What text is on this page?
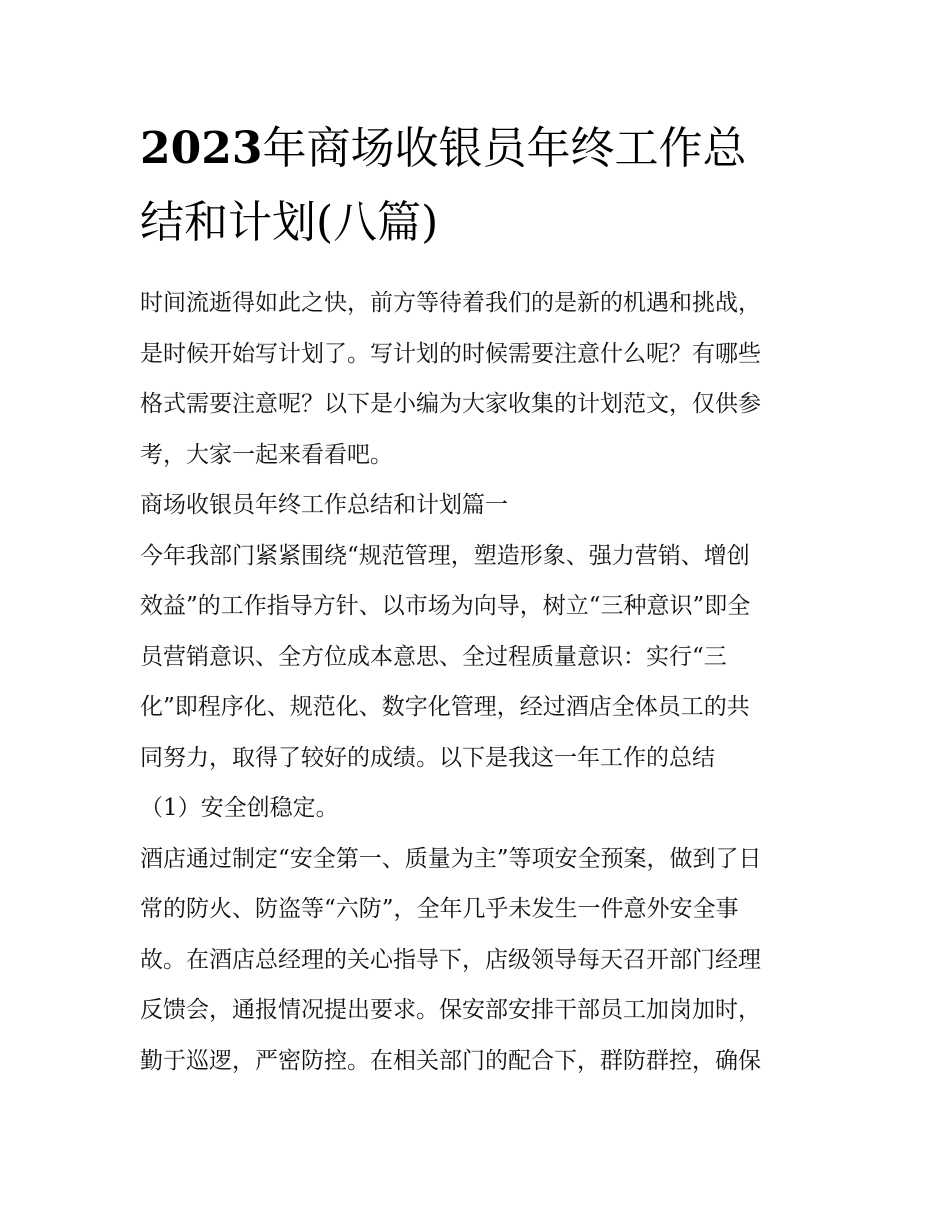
2023年商场收银员年终工作总
结和计划(八篇)

时间流逝得如此之快，前方等待着我们的是新的机遇和挑战，

是时候开始写计划了。写计划的时候需要注意什么呢？有哪些

格式需要注意呢？以下是小编为大家收集的计划范文，仅供参

考，大家一起来看看吧。

商场收银员年终工作总结和计划篇一

今年我部门紧紧围绕“规范管理，塑造形象、强力营销、增创

效益”的工作指导方针、以市场为向导，树立“三种意识”即全

员营销意识、全方位成本意思、全过程质量意识：实行“三

化”即程序化、规范化、数字化管理，经过酒店全体员工的共

同努力，取得了较好的成绩。以下是我这一年工作的总结

（1）安全创稳定。

酒店通过制定“安全第一、质量为主”等项安全预案，做到了日

常的防火、防盗等“六防”，全年几乎未发生一件意外安全事

故。在酒店总经理的关心指导下，店级领导每天召开部门经理

反馈会，通报情况提出要求。保安部安排干部员工加岗加时，

勤于巡逻，严密防控。在相关部门的配合下，群防群控，确保
